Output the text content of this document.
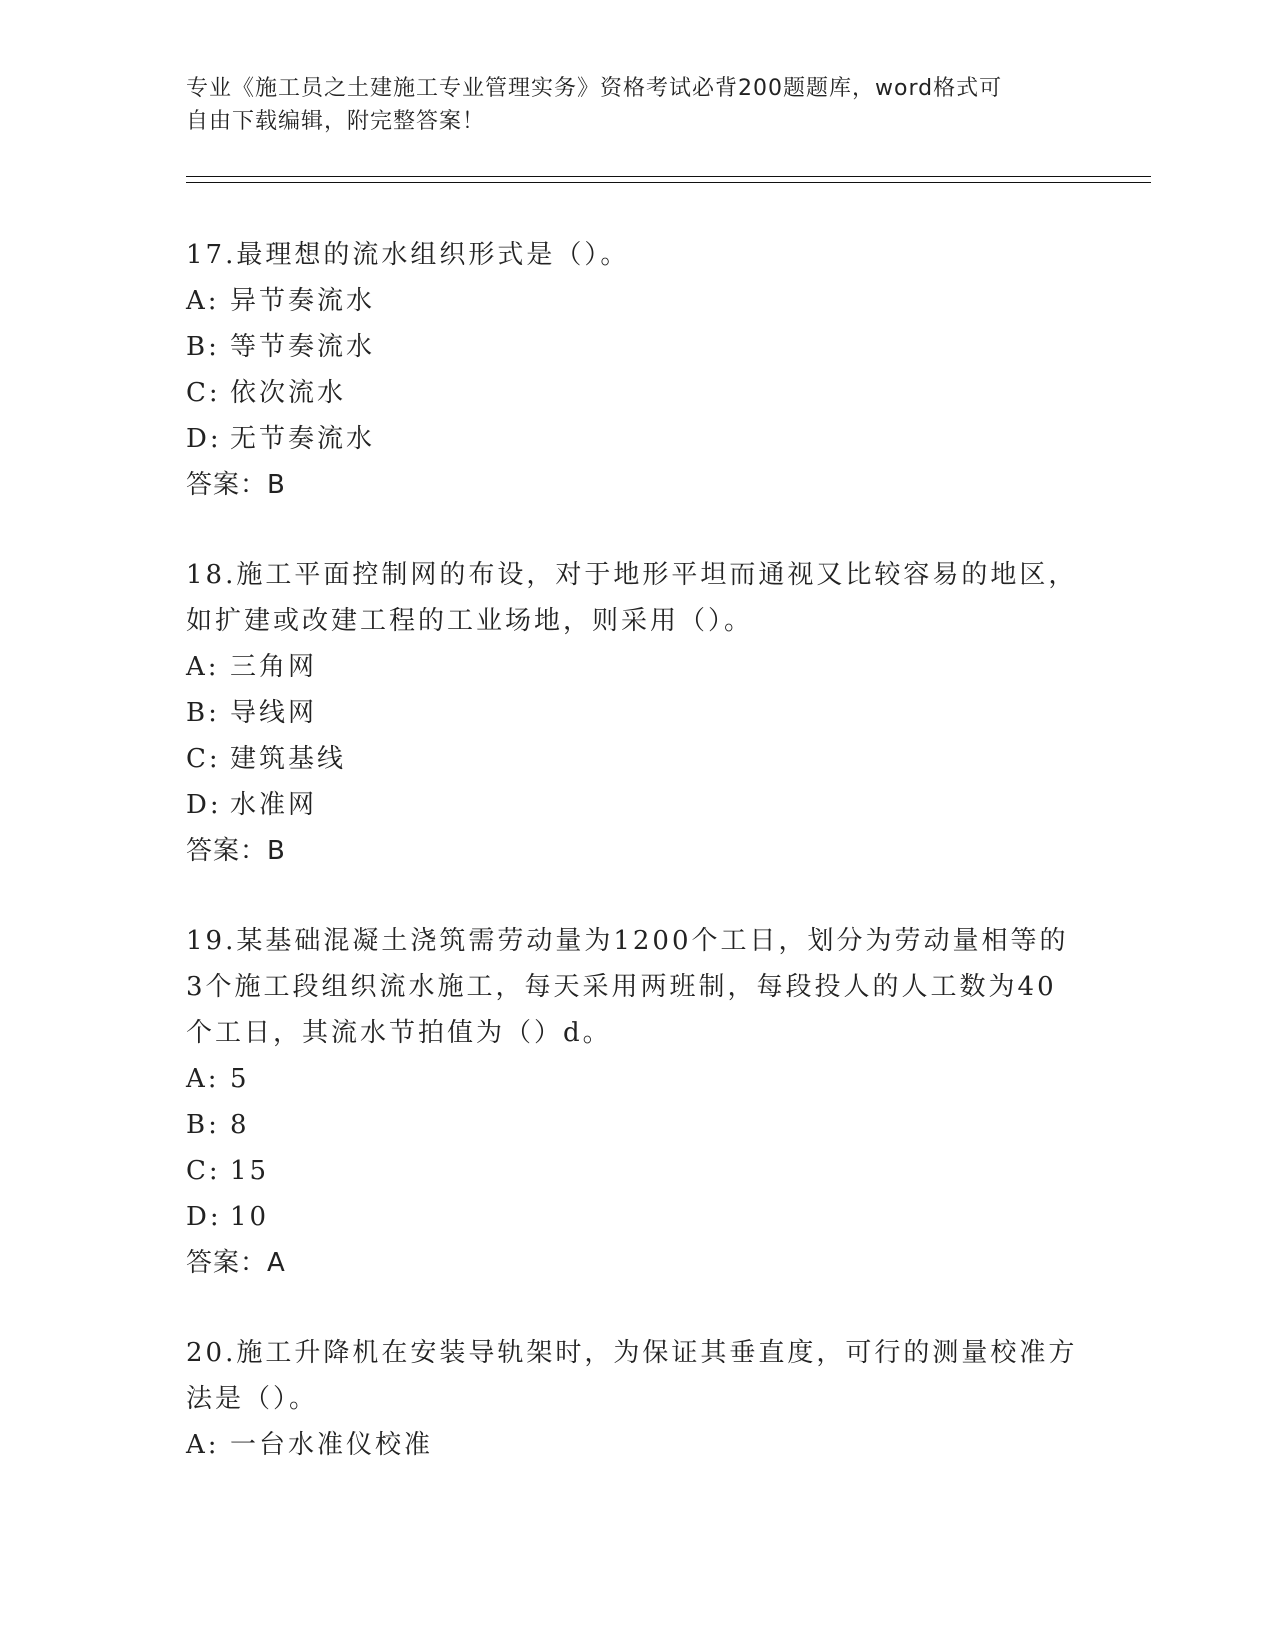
专业《施工员之土建施工专业管理实务》资格考试必背200题题库，word格式可
自由下载编辑，附完整答案！
17.最理想的流水组织形式是（）。
A: 异节奏流水
B: 等节奏流水
C: 依次流水
D: 无节奏流水
答案：B
18.施工平面控制网的布设，对于地形平坦而通视又比较容易的地区，
如扩建或改建工程的工业场地，则采用（）。
A: 三角网
B: 导线网
C: 建筑基线
D: 水准网
答案：B
19.某基础混凝土浇筑需劳动量为1200个工日，划分为劳动量相等的
3个施工段组织流水施工，每天采用两班制，每段投人的人工数为40
个工日，其流水节拍值为（）d。
A: 5
B: 8
C: 15
D: 10
答案：A
20.施工升降机在安装导轨架时，为保证其垂直度，可行的测量校准方
法是（）。
A: 一台水准仪校准
